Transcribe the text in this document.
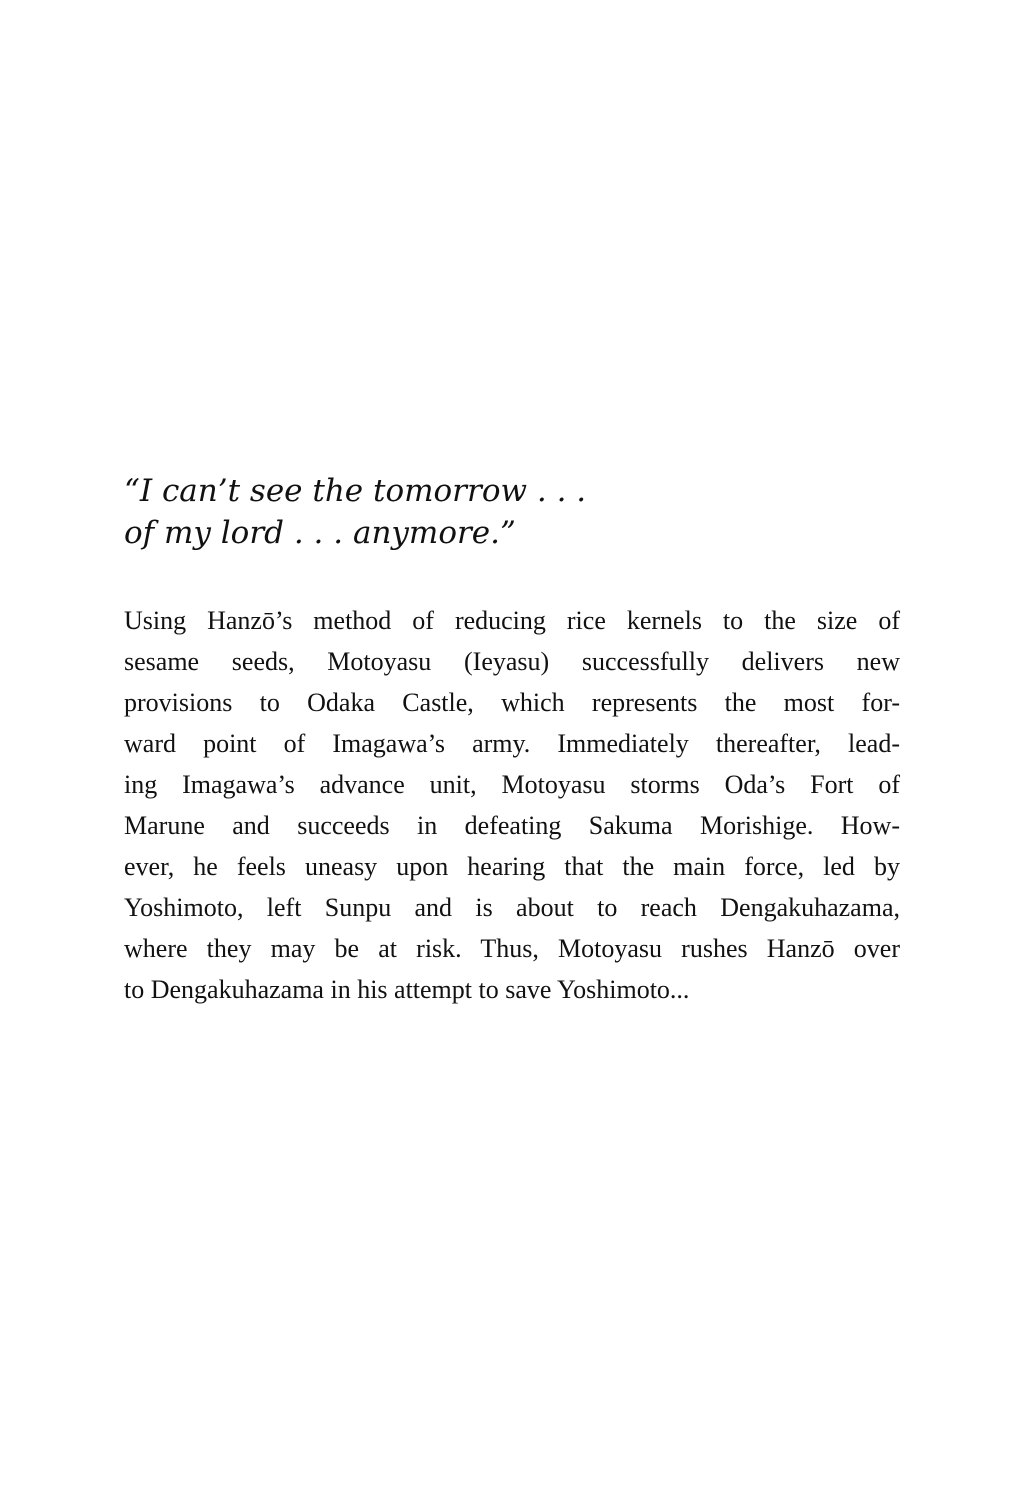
“I can’t see the tomorrow . . .
of my lord . . . anymore.”
Using Hanzō’s method of reducing rice kernels to the size of
sesame seeds, Motoyasu (Ieyasu) successfully delivers new
provisions to Odaka Castle, which represents the most for-
ward point of Imagawa’s army. Immediately thereafter, lead-
ing Imagawa’s advance unit, Motoyasu storms Oda’s Fort of
Marune and succeeds in defeating Sakuma Morishige. How-
ever, he feels uneasy upon hearing that the main force, led by
Yoshimoto, left Sunpu and is about to reach Dengakuhazama,
where they may be at risk. Thus, Motoyasu rushes Hanzō over
to Dengakuhazama in his attempt to save Yoshimoto...
